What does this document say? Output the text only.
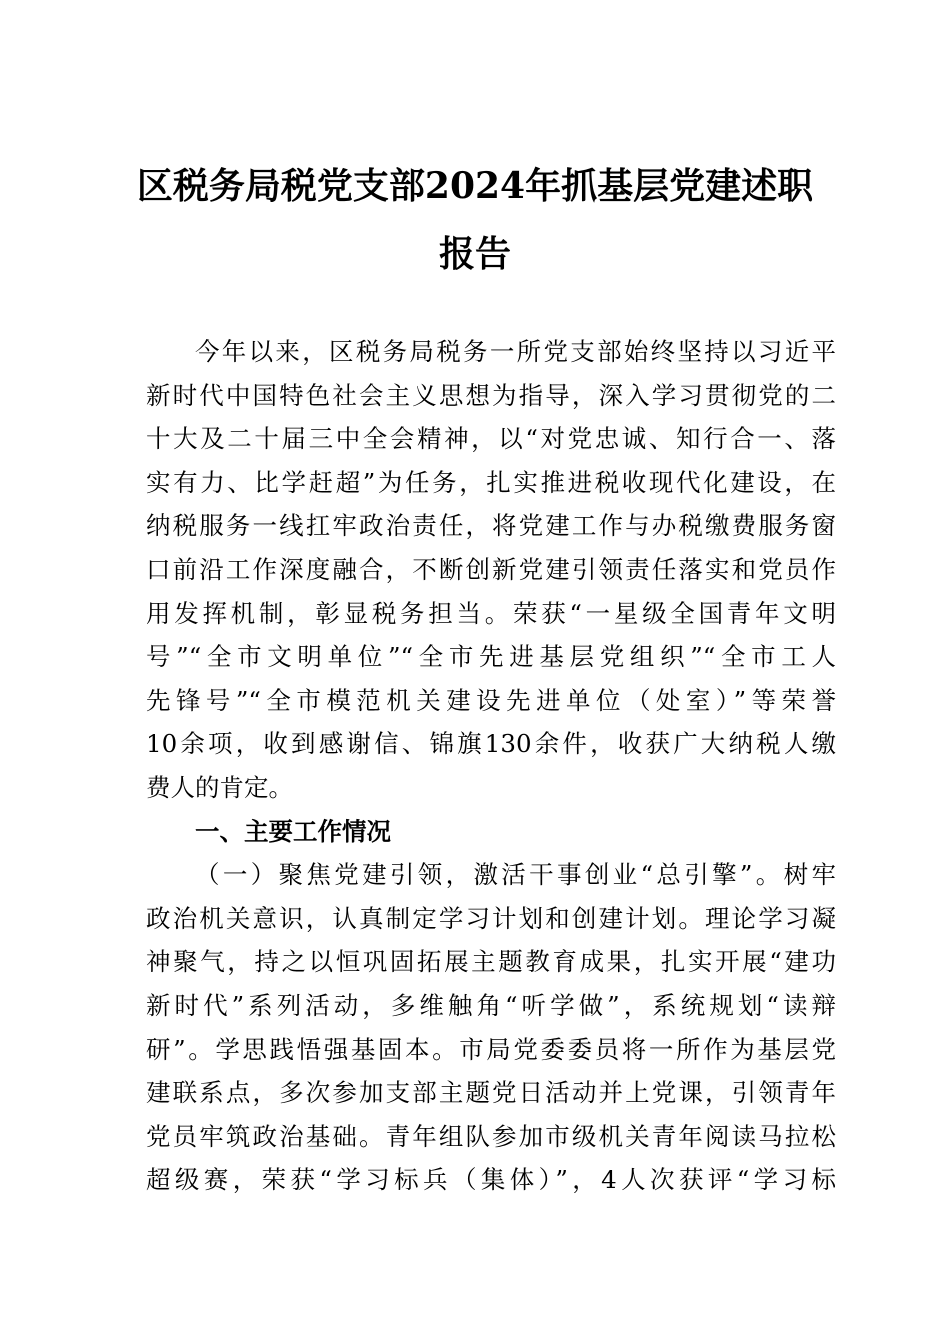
区税务局税党支部2024年抓基层党建述职
报告
今年以来，区税务局税务一所党支部始终坚持以习近平
新时代中国特色社会主义思想为指导，深入学习贯彻党的二
十大及二十届三中全会精神，以“对党忠诚、知行合一、落
实有力、比学赶超”为任务，扎实推进税收现代化建设，在
纳税服务一线扛牢政治责任，将党建工作与办税缴费服务窗
口前沿工作深度融合，不断创新党建引领责任落实和党员作
用发挥机制，彰显税务担当。荣获“一星级全国青年文明
号”“全市文明单位”“全市先进基层党组织”“全市工人
先锋号”“全市模范机关建设先进单位（处室）”等荣誉
10余项，收到感谢信、锦旗130余件，收获广大纳税人缴
费人的肯定。
一、主要工作情况
（一）聚焦党建引领，激活干事创业“总引擎”。树牢
政治机关意识，认真制定学习计划和创建计划。理论学习凝
神聚气，持之以恒巩固拓展主题教育成果，扎实开展“建功
新时代”系列活动，多维触角“听学做”，系统规划“读辩
研”。学思践悟强基固本。市局党委委员将一所作为基层党
建联系点，多次参加支部主题党日活动并上党课，引领青年
党员牢筑政治基础。青年组队参加市级机关青年阅读马拉松
超级赛，荣获“学习标兵（集体）”，4人次获评“学习标
